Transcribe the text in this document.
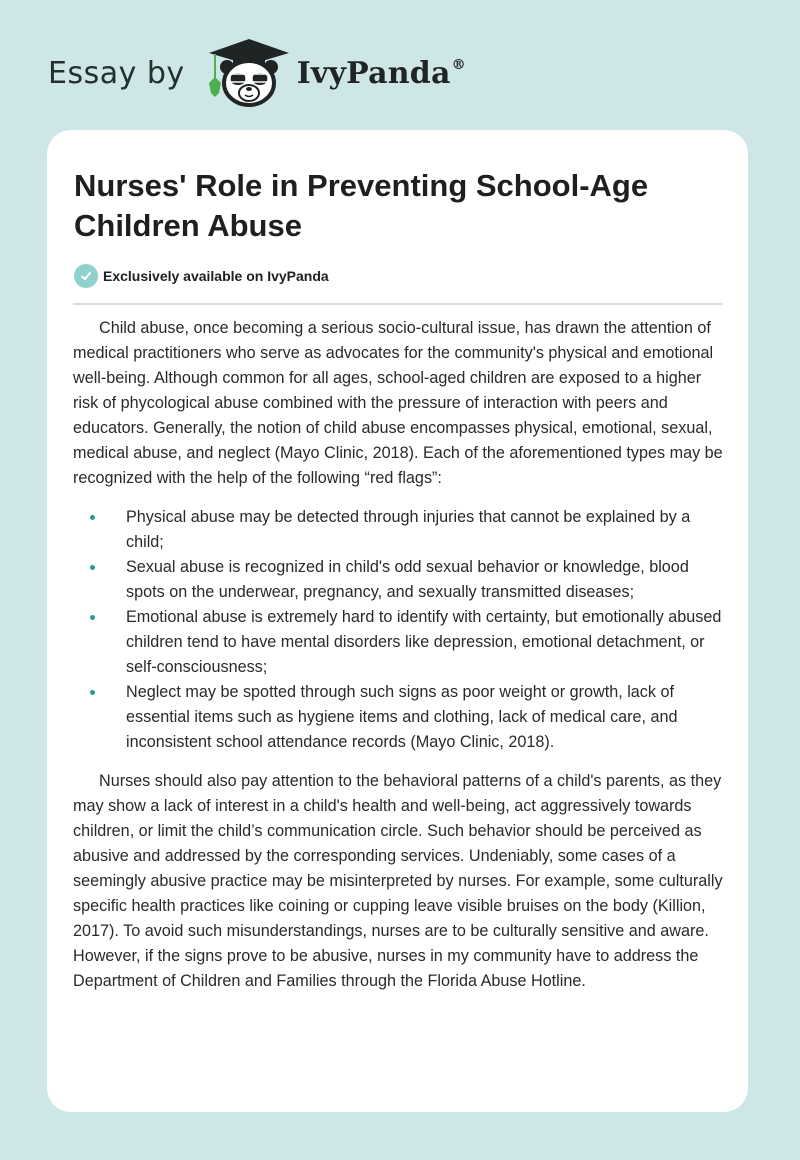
Essay by	IvyPanda®
Nurses' Role in Preventing School-Age Children Abuse
Exclusively available on IvyPanda

Child abuse, once becoming a serious socio-cultural issue, has drawn the attention of medical practitioners who serve as advocates for the community's physical and emotional well-being. Although common for all ages, school-aged children are exposed to a higher risk of phycological abuse combined with the pressure of interaction with peers and educators. Generally, the notion of child abuse encompasses physical, emotional, sexual, medical abuse, and neglect (Mayo Clinic, 2018). Each of the aforementioned types may be recognized with the help of the following “red flags”:

Physical abuse may be detected through injuries that cannot be explained by a child;
Sexual abuse is recognized in child's odd sexual behavior or knowledge, blood spots on the underwear, pregnancy, and sexually transmitted diseases;
Emotional abuse is extremely hard to identify with certainty, but emotionally abused children tend to have mental disorders like depression, emotional detachment, or self-consciousness;
Neglect may be spotted through such signs as poor weight or growth, lack of essential items such as hygiene items and clothing, lack of medical care, and inconsistent school attendance records (Mayo Clinic, 2018).

Nurses should also pay attention to the behavioral patterns of a child's parents, as they may show a lack of interest in a child's health and well-being, act aggressively towards children, or limit the child’s communication circle. Such behavior should be perceived as abusive and addressed by the corresponding services. Undeniably, some cases of a seemingly abusive practice may be misinterpreted by nurses. For example, some culturally specific health practices like coining or cupping leave visible bruises on the body (Killion, 2017). To avoid such misunderstandings, nurses are to be culturally sensitive and aware. However, if the signs prove to be abusive, nurses in my community have to address the Department of Children and Families through the Florida Abuse Hotline.
